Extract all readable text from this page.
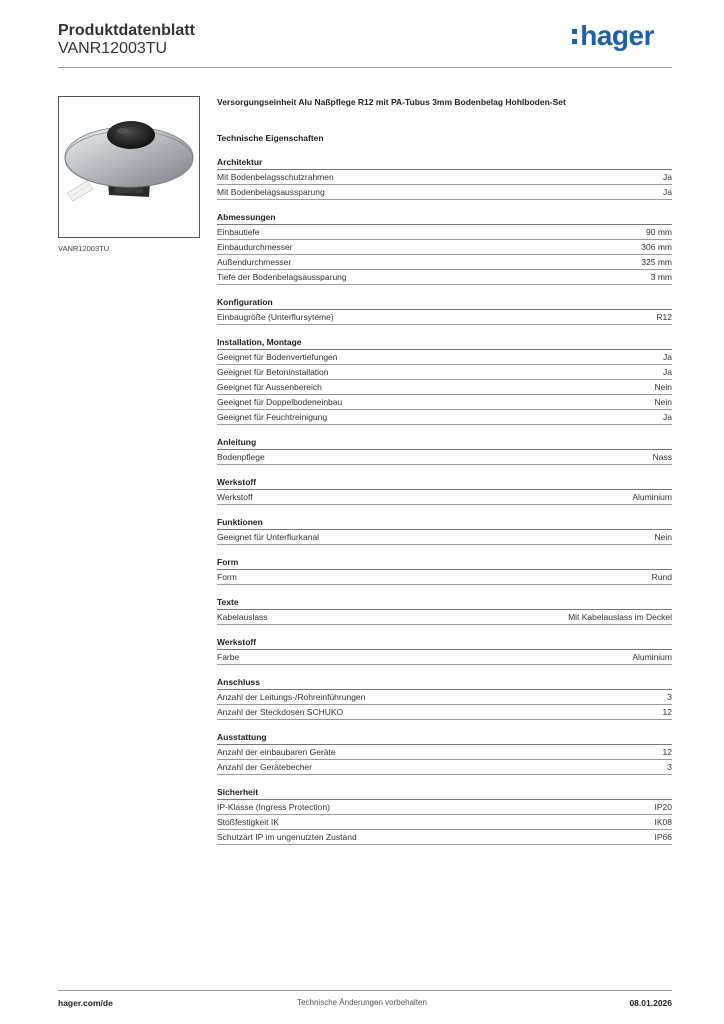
Produktdatenblatt
VANR12003TU	hager
VANR12003TU
Versorgungseinheit Alu Naßpflege R12 mit PA-Tubus 3mm Bodenbelag Hohlboden-Set
Technische Eigenschaften
Architektur
Mit Bodenbelagsschutzrahmen	Ja
Mit Bodenbelagsaussparung	Ja
Abmessungen
Einbautiefe	90 mm
Einbaudurchmesser	306 mm
Außendurchmesser	325 mm
Tiefe der Bodenbelagsaussparung	3 mm
Konfiguration
Einbaugröße (Unterflursyteme)	R12
Installation, Montage
Geeignet für Bodenvertiefungen	Ja
Geeignet für Betoninstallation	Ja
Geeignet für Aussenbereich	Nein
Geeignet für Doppelbodeneinbau	Nein
Geeignet für Feuchtreinigung	Ja
Anleitung
Bodenpflege	Nass
Werkstoff
Werkstoff	Aluminium
Funktionen
Geeignet für Unterflurkanal	Nein
Form
Form	Rund
Texte
Kabelauslass	Mit Kabelauslass im Deckel
Werkstoff
Farbe	Aluminium
Anschluss
Anzahl der Leitungs-/Rohreinführungen	3
Anzahl der Steckdosen SCHUKO	12
Ausstattung
Anzahl der einbaubaren Geräte	12
Anzahl der Gerätebecher	3
Sicherheit
IP-Klasse (Ingress Protection)	IP20
Stoßfestigkeit IK	IK08
Schutzart IP im ungenutzten Zustand	IP66
hager.com/de	Technische Änderungen vorbehalten	08.01.2026
